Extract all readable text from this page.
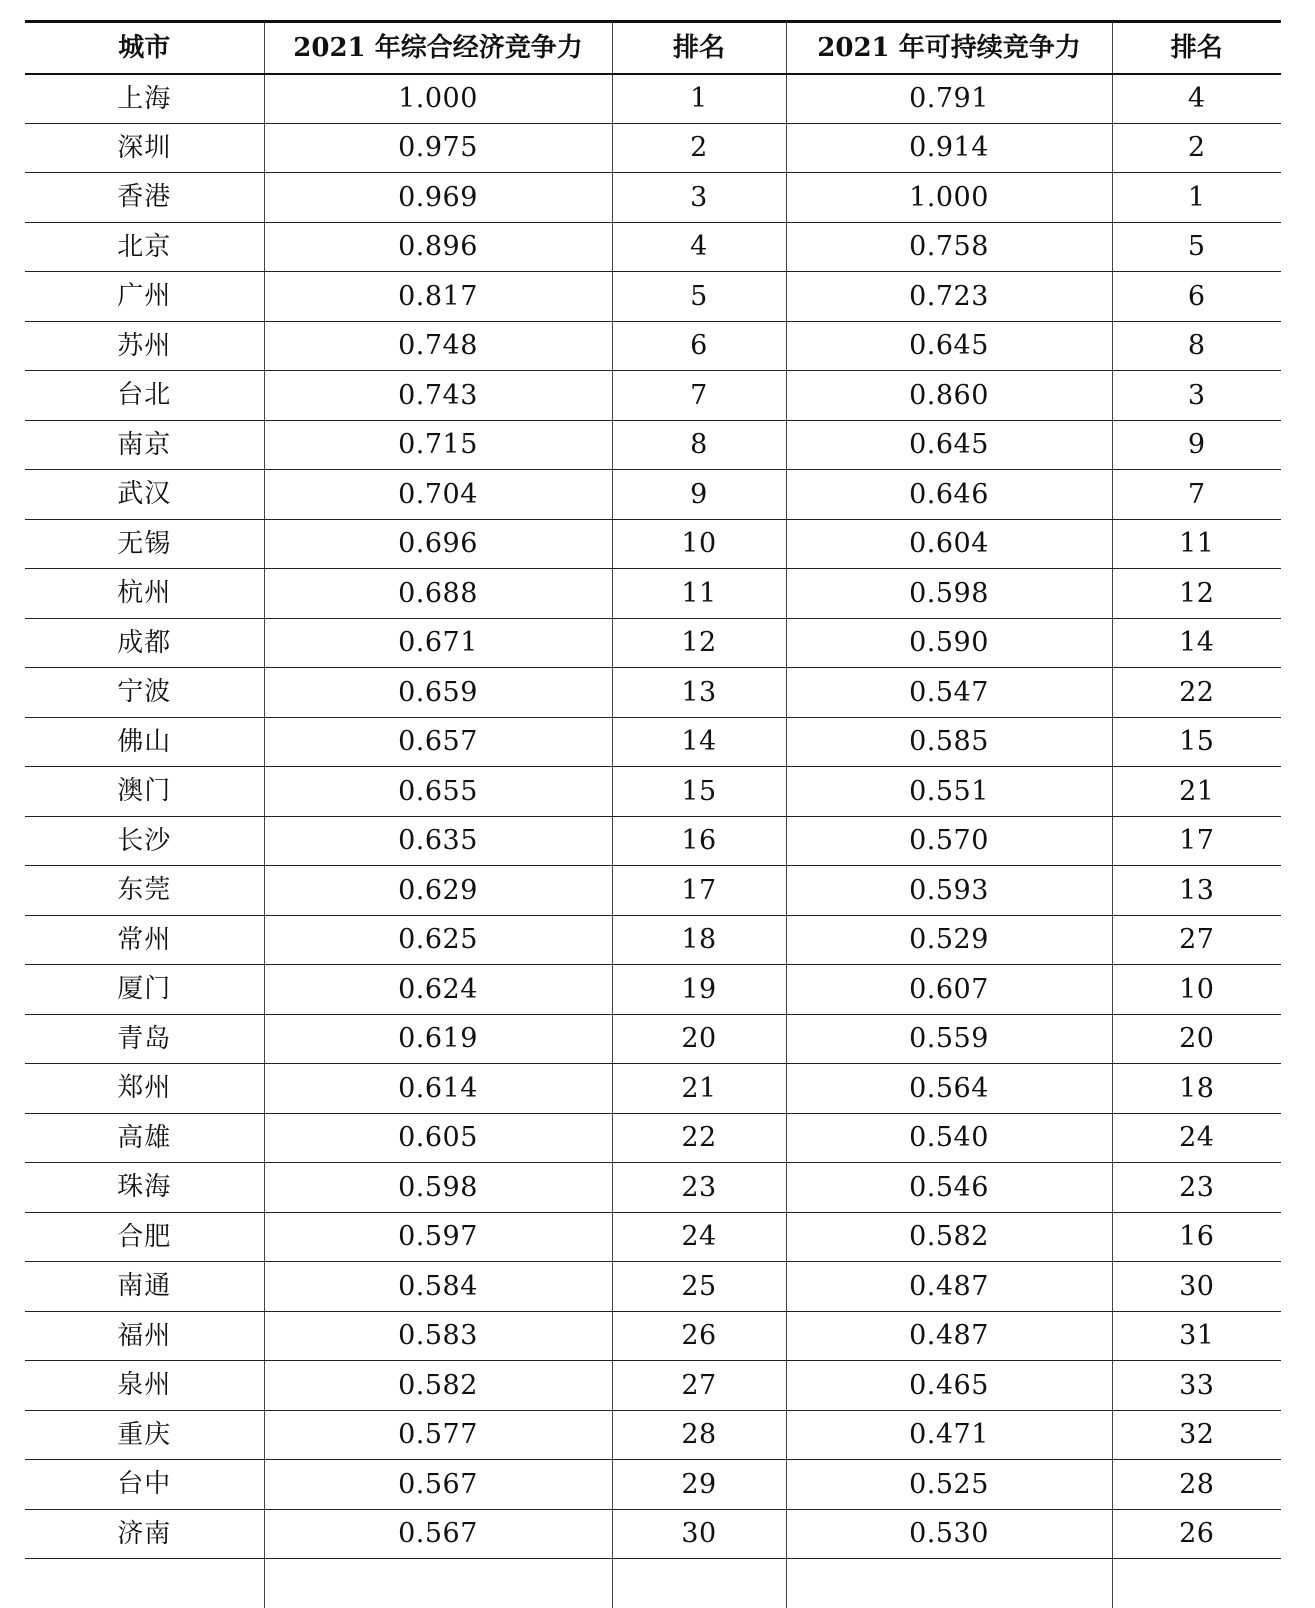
城市	2021 年综合经济竞争力	排名	2021 年可持续竞争力	排名
上海	1.000	1	0.791	4
深圳	0.975	2	0.914	2
香港	0.969	3	1.000	1
北京	0.896	4	0.758	5
广州	0.817	5	0.723	6
苏州	0.748	6	0.645	8
台北	0.743	7	0.860	3
南京	0.715	8	0.645	9
武汉	0.704	9	0.646	7
无锡	0.696	10	0.604	11
杭州	0.688	11	0.598	12
成都	0.671	12	0.590	14
宁波	0.659	13	0.547	22
佛山	0.657	14	0.585	15
澳门	0.655	15	0.551	21
长沙	0.635	16	0.570	17
东莞	0.629	17	0.593	13
常州	0.625	18	0.529	27
厦门	0.624	19	0.607	10
青岛	0.619	20	0.559	20
郑州	0.614	21	0.564	18
高雄	0.605	22	0.540	24
珠海	0.598	23	0.546	23
合肥	0.597	24	0.582	16
南通	0.584	25	0.487	30
福州	0.583	26	0.487	31
泉州	0.582	27	0.465	33
重庆	0.577	28	0.471	32
台中	0.567	29	0.525	28
济南	0.567	30	0.530	26
